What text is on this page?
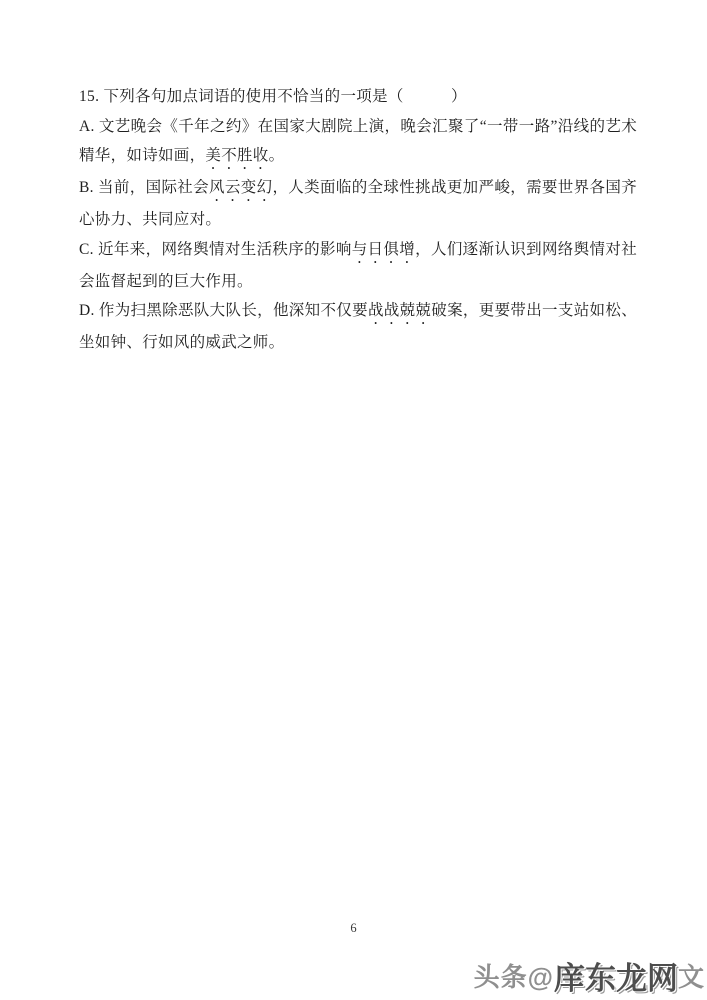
15. 下列各句加点词语的使用不恰当的一项是（　　　）

A. 文艺晚会《千年之约》在国家大剧院上演，晚会汇聚了“一带一路”沿线的艺术精华，如诗如画，美不胜收。

B. 当前，国际社会风云变幻，人类面临的全球性挑战更加严峻，需要世界各国齐心协力、共同应对。

C. 近年来，网络舆情对生活秩序的影响与日俱增，人们逐渐认识到网络舆情对社会监督起到的巨大作用。

D. 作为扫黑除恶队大队长，他深知不仅要战战兢兢破案，更要带出一支站如松、坐如钟、行如风的威武之师。

6
头条@庠东龙网文
